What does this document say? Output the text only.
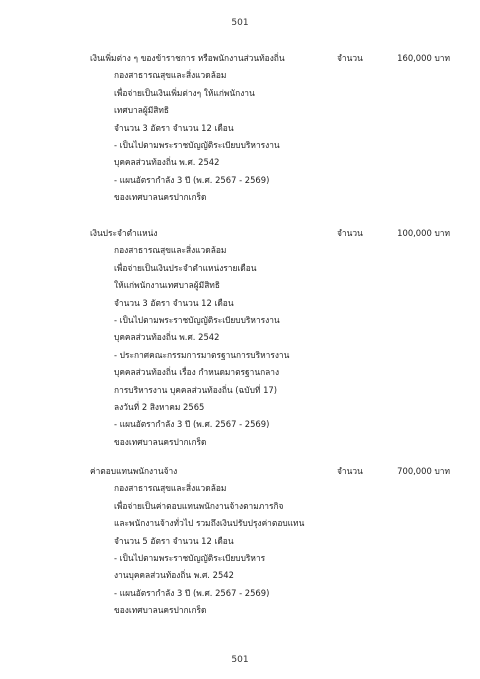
501
เงินเพิ่มต่าง ๆ ของข้าราชการ หรือพนักงานส่วนท้องถิ่น	จำนวน	160,000 บาท
กองสาธารณสุขและสิ่งแวดล้อม
เพื่อจ่ายเป็นเงินเพิ่มต่างๆ ให้แก่พนักงาน
เทศบาลผู้มีสิทธิ
จำนวน 3 อัตรา จำนวน 12 เดือน
- เป็นไปตามพระราชบัญญัติระเบียบบริหารงาน
บุคคลส่วนท้องถิ่น พ.ศ. 2542
- แผนอัตรากำลัง 3 ปี (พ.ศ. 2567 - 2569)
ของเทศบาลนครปากเกร็ด
เงินประจำตำแหน่ง	จำนวน	100,000 บาท
กองสาธารณสุขและสิ่งแวดล้อม
เพื่อจ่ายเป็นเงินประจำตำแหน่งรายเดือน
ให้แก่พนักงานเทศบาลผู้มีสิทธิ
จำนวน 3 อัตรา จำนวน 12 เดือน
- เป็นไปตามพระราชบัญญัติระเบียบบริหารงาน
บุคคลส่วนท้องถิ่น พ.ศ. 2542
- ประกาศคณะกรรมการมาตรฐานการบริหารงาน
บุคคลส่วนท้องถิ่น เรื่อง กำหนดมาตรฐานกลาง
การบริหารงาน บุคคลส่วนท้องถิ่น (ฉบับที่ 17)
ลงวันที่ 2 สิงหาคม 2565
- แผนอัตรากำลัง 3 ปี (พ.ศ. 2567 - 2569)
ของเทศบาลนครปากเกร็ด
ค่าตอบแทนพนักงานจ้าง	จำนวน	700,000 บาท
กองสาธารณสุขและสิ่งแวดล้อม
เพื่อจ่ายเป็นค่าตอบแทนพนักงานจ้างตามภารกิจ
และพนักงานจ้างทั่วไป รวมถึงเงินปรับปรุงค่าตอบแทน
จำนวน 5 อัตรา จำนวน 12 เดือน
- เป็นไปตามพระราชบัญญัติระเบียบบริหาร
งานบุคคลส่วนท้องถิ่น พ.ศ. 2542
- แผนอัตรากำลัง 3 ปี (พ.ศ. 2567 - 2569)
ของเทศบาลนครปากเกร็ด
501
